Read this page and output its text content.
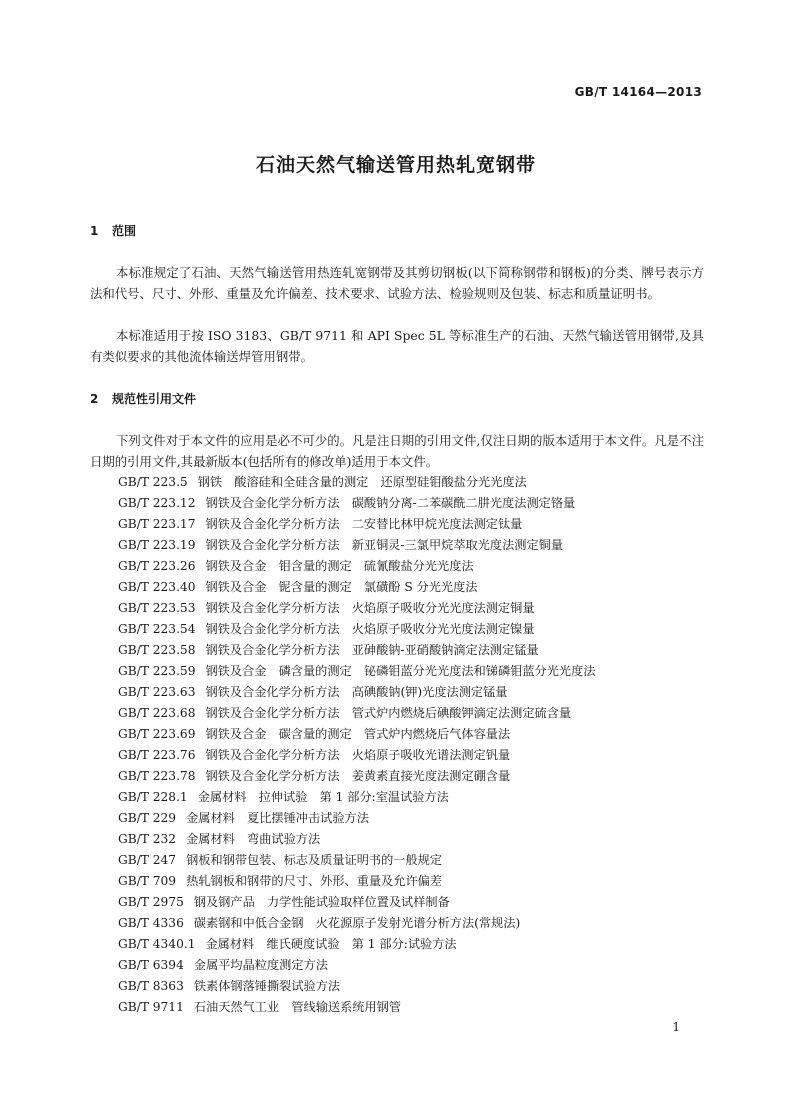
GB/T 14164—2013
石油天然气输送管用热轧宽钢带
1 范围

本标准规定了石油、天然气输送管用热连轧宽钢带及其剪切钢板(以下简称钢带和钢板)的分类、牌号表示方法和代号、尺寸、外形、重量及允许偏差、技术要求、试验方法、检验规则及包装、标志和质量证明书。

本标准适用于按 ISO 3183、GB/T 9711 和 API Spec 5L 等标准生产的石油、天然气输送管用钢带,及具有类似要求的其他流体输送焊管用钢带。

2 规范性引用文件

下列文件对于本文件的应用是必不可少的。凡是注日期的引用文件,仅注日期的版本适用于本文件。凡是不注日期的引用文件,其最新版本(包括所有的修改单)适用于本文件。

GB/T 223.5 钢铁　酸溶硅和全硅含量的测定　还原型硅钼酸盐分光光度法
GB/T 223.12 钢铁及合金化学分析方法　碳酸钠分离-二苯碳酰二肼光度法测定铬量
GB/T 223.17 钢铁及合金化学分析方法　二安替比林甲烷光度法测定钛量
GB/T 223.19 钢铁及合金化学分析方法　新亚铜灵-三氯甲烷萃取光度法测定铜量
GB/T 223.26 钢铁及合金　钼含量的测定　硫氰酸盐分光光度法
GB/T 223.40 钢铁及合金　铌含量的测定　氯磺酚 S 分光光度法
GB/T 223.53 钢铁及合金化学分析方法　火焰原子吸收分光光度法测定铜量
GB/T 223.54 钢铁及合金化学分析方法　火焰原子吸收分光光度法测定镍量
GB/T 223.58 钢铁及合金化学分析方法　亚砷酸钠-亚硝酸钠滴定法测定锰量
GB/T 223.59 钢铁及合金　磷含量的测定　铋磷钼蓝分光光度法和锑磷钼蓝分光光度法
GB/T 223.63 钢铁及合金化学分析方法　高碘酸钠(钾)光度法测定锰量
GB/T 223.68 钢铁及合金化学分析方法　管式炉内燃烧后碘酸钾滴定法测定硫含量
GB/T 223.69 钢铁及合金　碳含量的测定　管式炉内燃烧后气体容量法
GB/T 223.76 钢铁及合金化学分析方法　火焰原子吸收光谱法测定钒量
GB/T 223.78 钢铁及合金化学分析方法　姜黄素直接光度法测定硼含量
GB/T 228.1 金属材料　拉伸试验　第 1 部分:室温试验方法
GB/T 229 金属材料　夏比摆锤冲击试验方法
GB/T 232 金属材料　弯曲试验方法
GB/T 247 钢板和钢带包装、标志及质量证明书的一般规定
GB/T 709 热轧钢板和钢带的尺寸、外形、重量及允许偏差
GB/T 2975 钢及钢产品　力学性能试验取样位置及试样制备
GB/T 4336 碳素钢和中低合金钢　火花源原子发射光谱分析方法(常规法)
GB/T 4340.1 金属材料　维氏硬度试验　第 1 部分:试验方法
GB/T 6394 金属平均晶粒度测定方法
GB/T 8363 铁素体钢落锤撕裂试验方法
GB/T 9711 石油天然气工业　管线输送系统用钢管
1
